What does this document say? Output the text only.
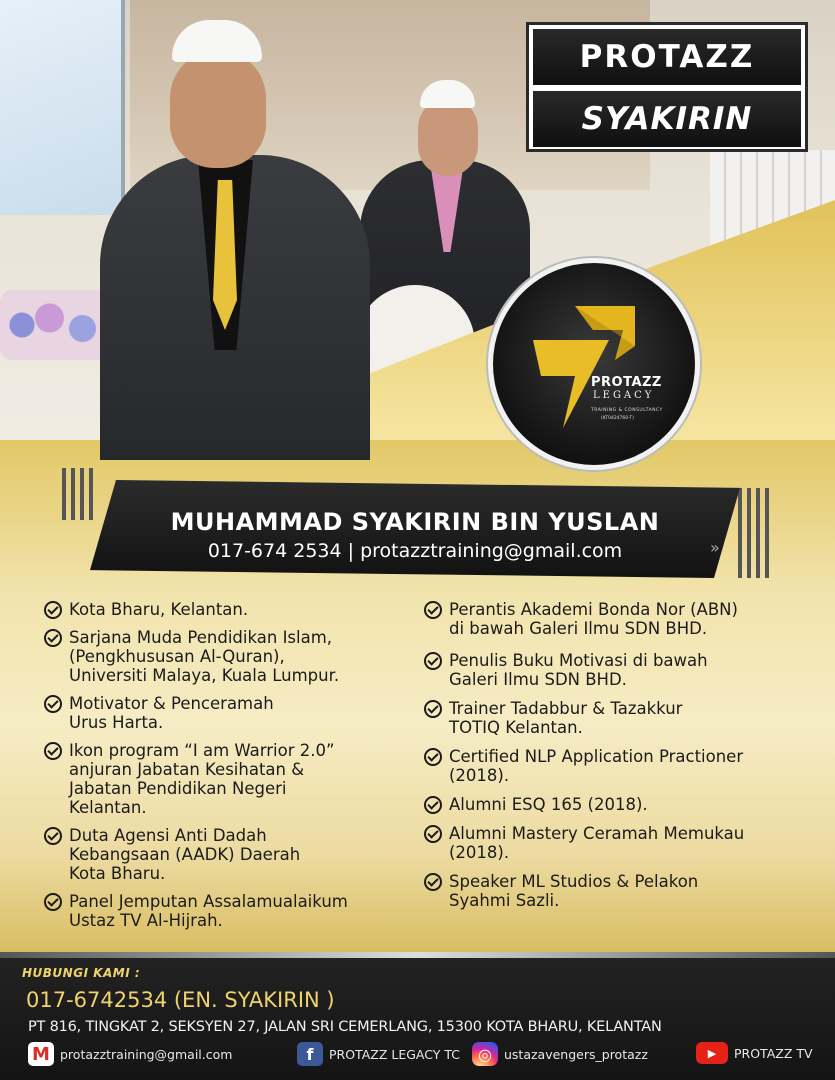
PROTAZZ
SYAKIRIN
PROTAZZ
LEGACY
TRAINING & CONSULTANCY
(KT0424760-T)
MUHAMMAD SYAKIRIN BIN YUSLAN
017-674 2534 | protazztraining@gmail.com	»
Kota Bharu, Kelantan.
Sarjana Muda Pendidikan Islam,
(Pengkhususan Al-Quran),
Universiti Malaya, Kuala Lumpur.
Motivator & Penceramah
Urus Harta.
Ikon program “I am Warrior 2.0”
anjuran Jabatan Kesihatan &
Jabatan Pendidikan Negeri
Kelantan.
Duta Agensi Anti Dadah
Kebangsaan (AADK) Daerah
Kota Bharu.
Panel Jemputan Assalamualaikum
Ustaz TV Al-Hijrah.
Perantis Akademi Bonda Nor (ABN)
di bawah Galeri Ilmu SDN BHD.
Penulis Buku Motivasi di bawah
Galeri Ilmu SDN BHD.
Trainer Tadabbur & Tazakkur
TOTIQ Kelantan.
Certified NLP Application Practioner
(2018).
Alumni ESQ 165 (2018).
Alumni Mastery Ceramah Memukau
(2018).
Speaker ML Studios & Pelakon
Syahmi Sazli.
HUBUNGI KAMI :
017-6742534 (EN. SYAKIRIN )
PT 816, TINGKAT 2, SEKSYEN 27, JALAN SRI CEMERLANG, 15300 KOTA BHARU, KELANTAN
M protazztraining@gmail.com	f	PROTAZZ LEGACY TC	◎ ustazavengers_protazz	▶	PROTAZZ TV
